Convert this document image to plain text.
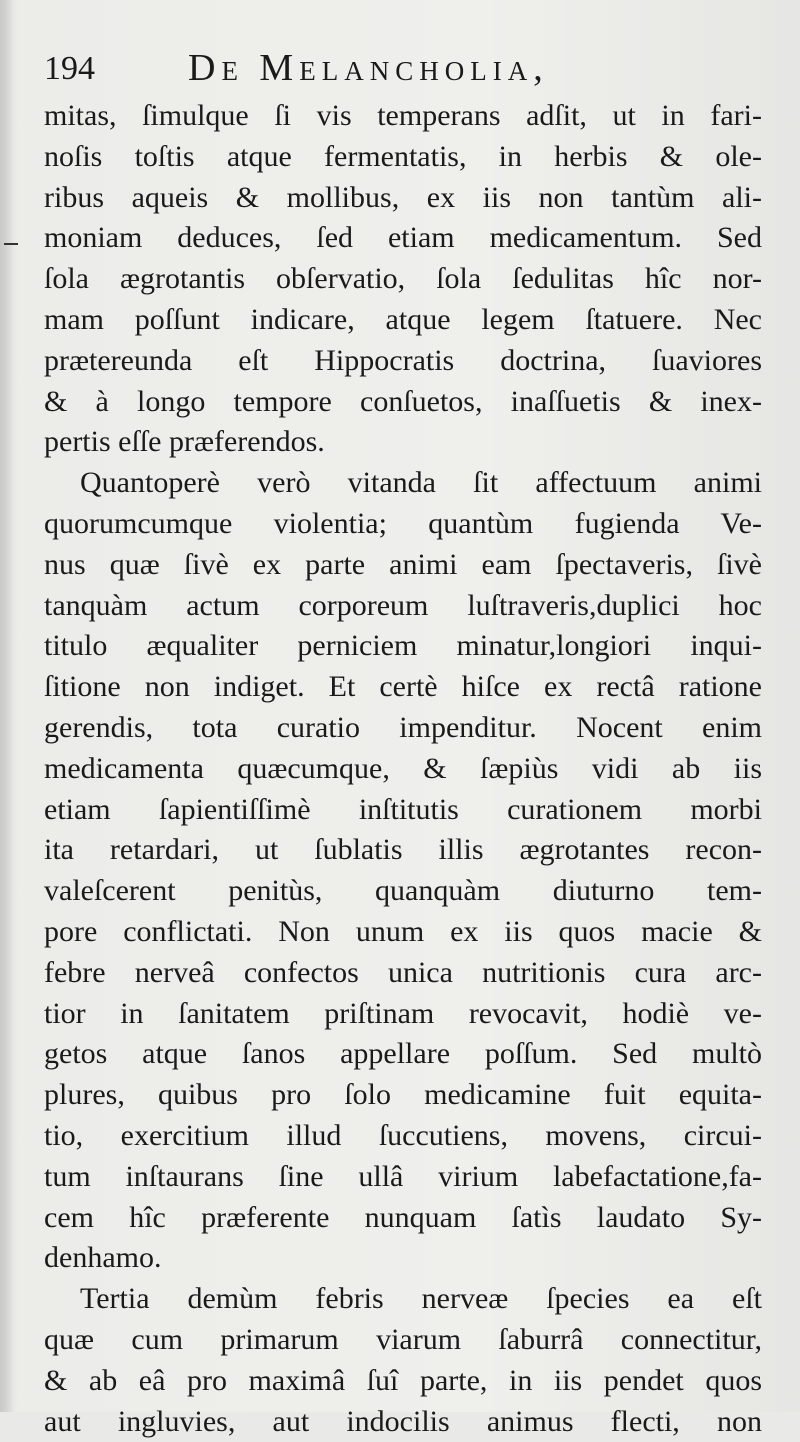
194 De Melancholia,
mitas, ſimulque ſi vis temperans adſit, ut in fari-
noſis toſtis atque fermentatis, in herbis & ole-
ribus aqueis & mollibus, ex iis non tantùm ali-
moniam deduces, ſed etiam medicamentum. Sed
ſola ægrotantis obſervatio, ſola ſedulitas hîc nor-
mam poſſunt indicare, atque legem ſtatuere. Nec
prætereunda eſt Hippocratis doctrina, ſuaviores
& à longo tempore conſuetos, inaſſuetis & inex-
pertis eſſe præferendos.
Quantoperè verò vitanda ſit affectuum animi
quorumcumque violentia; quantùm fugienda Ve-
nus quæ ſivè ex parte animi eam ſpectaveris, ſivè
tanquàm actum corporeum luſtraveris,duplici hoc
titulo æqualiter perniciem minatur,longiori inqui-
ſitione non indiget. Et certè hiſce ex rectâ ratione
gerendis, tota curatio impenditur. Nocent enim
medicamenta quæcumque, & ſæpiùs vidi ab iis
etiam ſapientiſſimè inſtitutis curationem morbi
ita retardari, ut ſublatis illis ægrotantes recon-
valeſcerent penitùs, quanquàm diuturno tem-
pore conflictati. Non unum ex iis quos macie &
febre nerveâ confectos unica nutritionis cura arc-
tior in ſanitatem priſtinam revocavit, hodiè ve-
getos atque ſanos appellare poſſum. Sed multò
plures, quibus pro ſolo medicamine fuit equita-
tio, exercitium illud ſuccutiens, movens, circui-
tum inſtaurans ſine ullâ virium labefactatione,fa-
cem hîc præferente nunquam ſatìs laudato Sy-
denhamo.
Tertia demùm febris nerveæ ſpecies ea eſt
quæ cum primarum viarum ſaburrâ connectitur,
& ab eâ pro maximâ ſuî parte, in iis pendet quos
aut ingluvies, aut indocilis animus flecti, non
